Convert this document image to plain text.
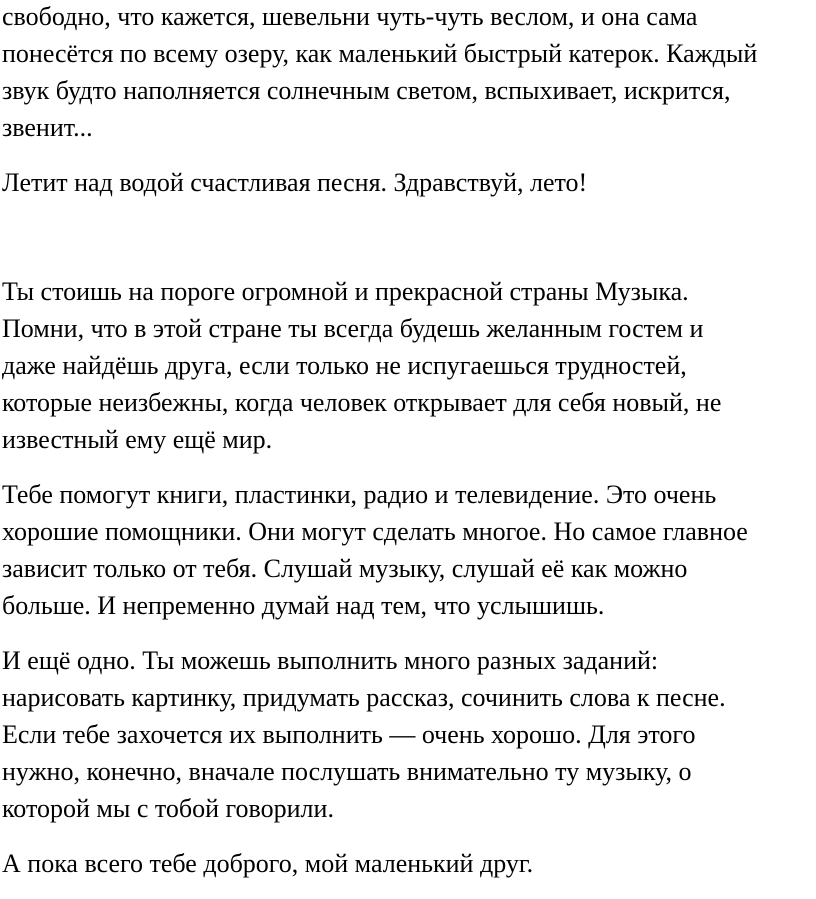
свободно, что кажется, шевельни чуть-чуть веслом, и она сама
понесётся по всему озеру, как маленький быстрый катерок. Каждый
звук будто наполняется солнечным светом, вспыхивает, искрится,
звенит...

Летит над водой счастливая песня. Здравствуй, лето!

Ты стоишь на пороге огромной и прекрасной страны Музыка.
Помни, что в этой стране ты всегда будешь желанным гостем и
даже найдёшь друга, если только не испугаешься трудностей,
которые неизбежны, когда человек открывает для себя новый, не
известный ему ещё мир.

Тебе помогут книги, пластинки, радио и телевидение. Это очень
хорошие помощники. Они могут сделать многое. Но самое главное
зависит только от тебя. Слушай музыку, слушай её как можно
больше. И непременно думай над тем, что услышишь.

И ещё одно. Ты можешь выполнить много разных заданий:
нарисовать картинку, придумать рассказ, сочинить слова к песне.
Если тебе захочется их выполнить — очень хорошо. Для этого
нужно, конечно, вначале послушать внимательно ту музыку, о
которой мы с тобой говорили.

А пока всего тебе доброго, мой маленький друг.
